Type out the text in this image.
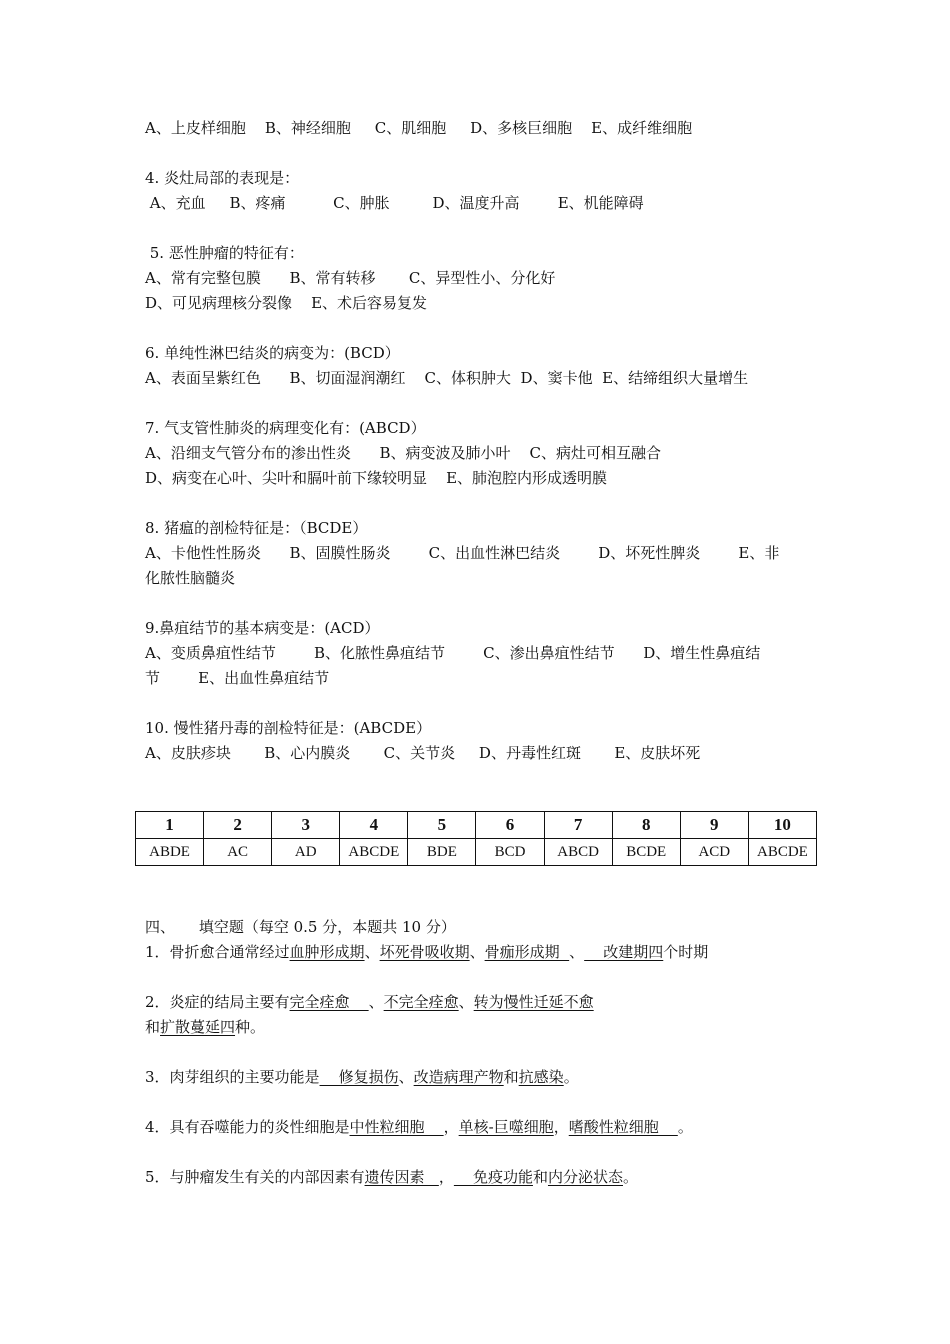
A、上皮样细胞    B、神经细胞     C、肌细胞     D、多核巨细胞    E、成纤维细胞
4. 炎灶局部的表现是：
A、充血     B、疼痛          C、肿胀         D、温度升高        E、机能障碍
5. 恶性肿瘤的特征有：
A、常有完整包膜      B、常有转移       C、异型性小、分化好
D、可见病理核分裂像    E、术后容易复发
6. 单纯性淋巴结炎的病变为：(BCD）
A、表面呈紫红色      B、切面湿润潮红    C、体积肿大  D、窦卡他  E、结缔组织大量增生
7. 气支管性肺炎的病理变化有：(ABCD）
A、沿细支气管分布的渗出性炎      B、病变波及肺小叶    C、病灶可相互融合
D、病变在心叶、尖叶和膈叶前下缘较明显    E、肺泡腔内形成透明膜
8. 猪瘟的剖检特征是：（BCDE）
A、卡他性性肠炎      B、固膜性肠炎        C、出血性淋巴结炎        D、坏死性脾炎        E、非
化脓性脑髓炎
9.鼻疽结节的基本病变是：(ACD）
A、变质鼻疽性结节        B、化脓性鼻疽结节        C、渗出鼻疽性结节      D、增生性鼻疽结
节        E、出血性鼻疽结节
10. 慢性猪丹毒的剖检特征是：(ABCDE）
A、皮肤疹块       B、心内膜炎       C、关节炎     D、丹毒性红斑       E、皮肤坏死
1	2	3	4	5	6	7	8	9	10
ABDE	AC	AD	ABCDE	BDE	BCD	ABCD	BCDE	ACD	ABCDE
四、     填空题（每空 0.5 分，本题共 10 分）
1．骨折愈合通常经过血肿形成期、坏死骨吸收期、骨痂形成期  、    改建期四个时期
2．炎症的结局主要有完全痊愈    、不完全痊愈、转为慢性迁延不愈
和扩散蔓延四种。
3．肉芽组织的主要功能是    修复损伤、改造病理产物和抗感染。
4．具有吞噬能力的炎性细胞是中性粒细胞    ，单核-巨噬细胞，嗜酸性粒细胞    。
5．与肿瘤发生有关的内部因素有遗传因素   ，    免疫功能和内分泌状态。
